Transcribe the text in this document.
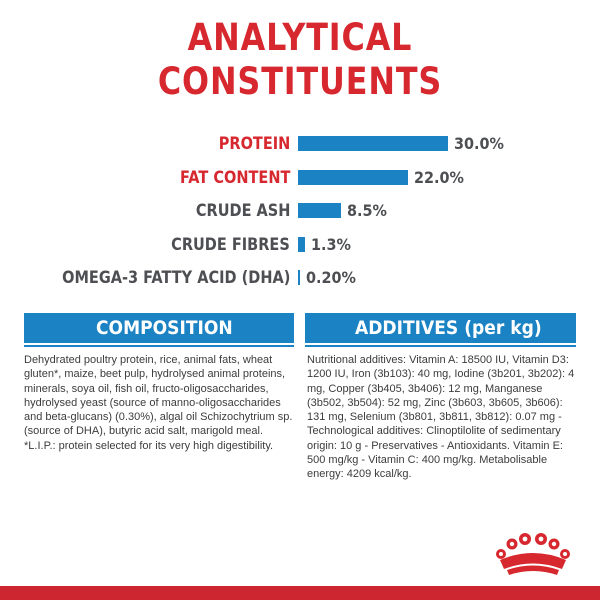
ANALYTICAL
CONSTITUENTS
PROTEIN	30.0%
FAT CONTENT	22.0%
CRUDE ASH	8.5%
CRUDE FIBRES 1.3%
OMEGA-3 FATTY ACID (DHA) 0.20%
COMPOSITION
Dehydrated poultry protein, rice, animal fats, wheat gluten*, maize, beet pulp, hydrolysed animal proteins, minerals, soya oil, fish oil, fructo-oligosaccharides, hydrolysed yeast (source of manno-oligosaccharides and beta-glucans) (0.30%), algal oil Schizochytrium sp. (source of DHA), butyric acid salt, marigold meal. *L.I.P.: protein selected for its very high digestibility.
ADDITIVES (per kg)
Nutritional additives: Vitamin A: 18500 IU, Vitamin D3: 1200 IU, Iron (3b103): 40 mg, Iodine (3b201, 3b202): 4 mg, Copper (3b405, 3b406): 12 mg, Manganese (3b502, 3b504): 52 mg, Zinc (3b603, 3b605, 3b606): 131 mg, Selenium (3b801, 3b811, 3b812): 0.07 mg - Technological additives: Clinoptilolite of sedimentary origin: 10 g - Preservatives - Antioxidants. Vitamin E: 500 mg/kg - Vitamin C: 400 mg/kg. Metabolisable energy: 4209 kcal/kg.
